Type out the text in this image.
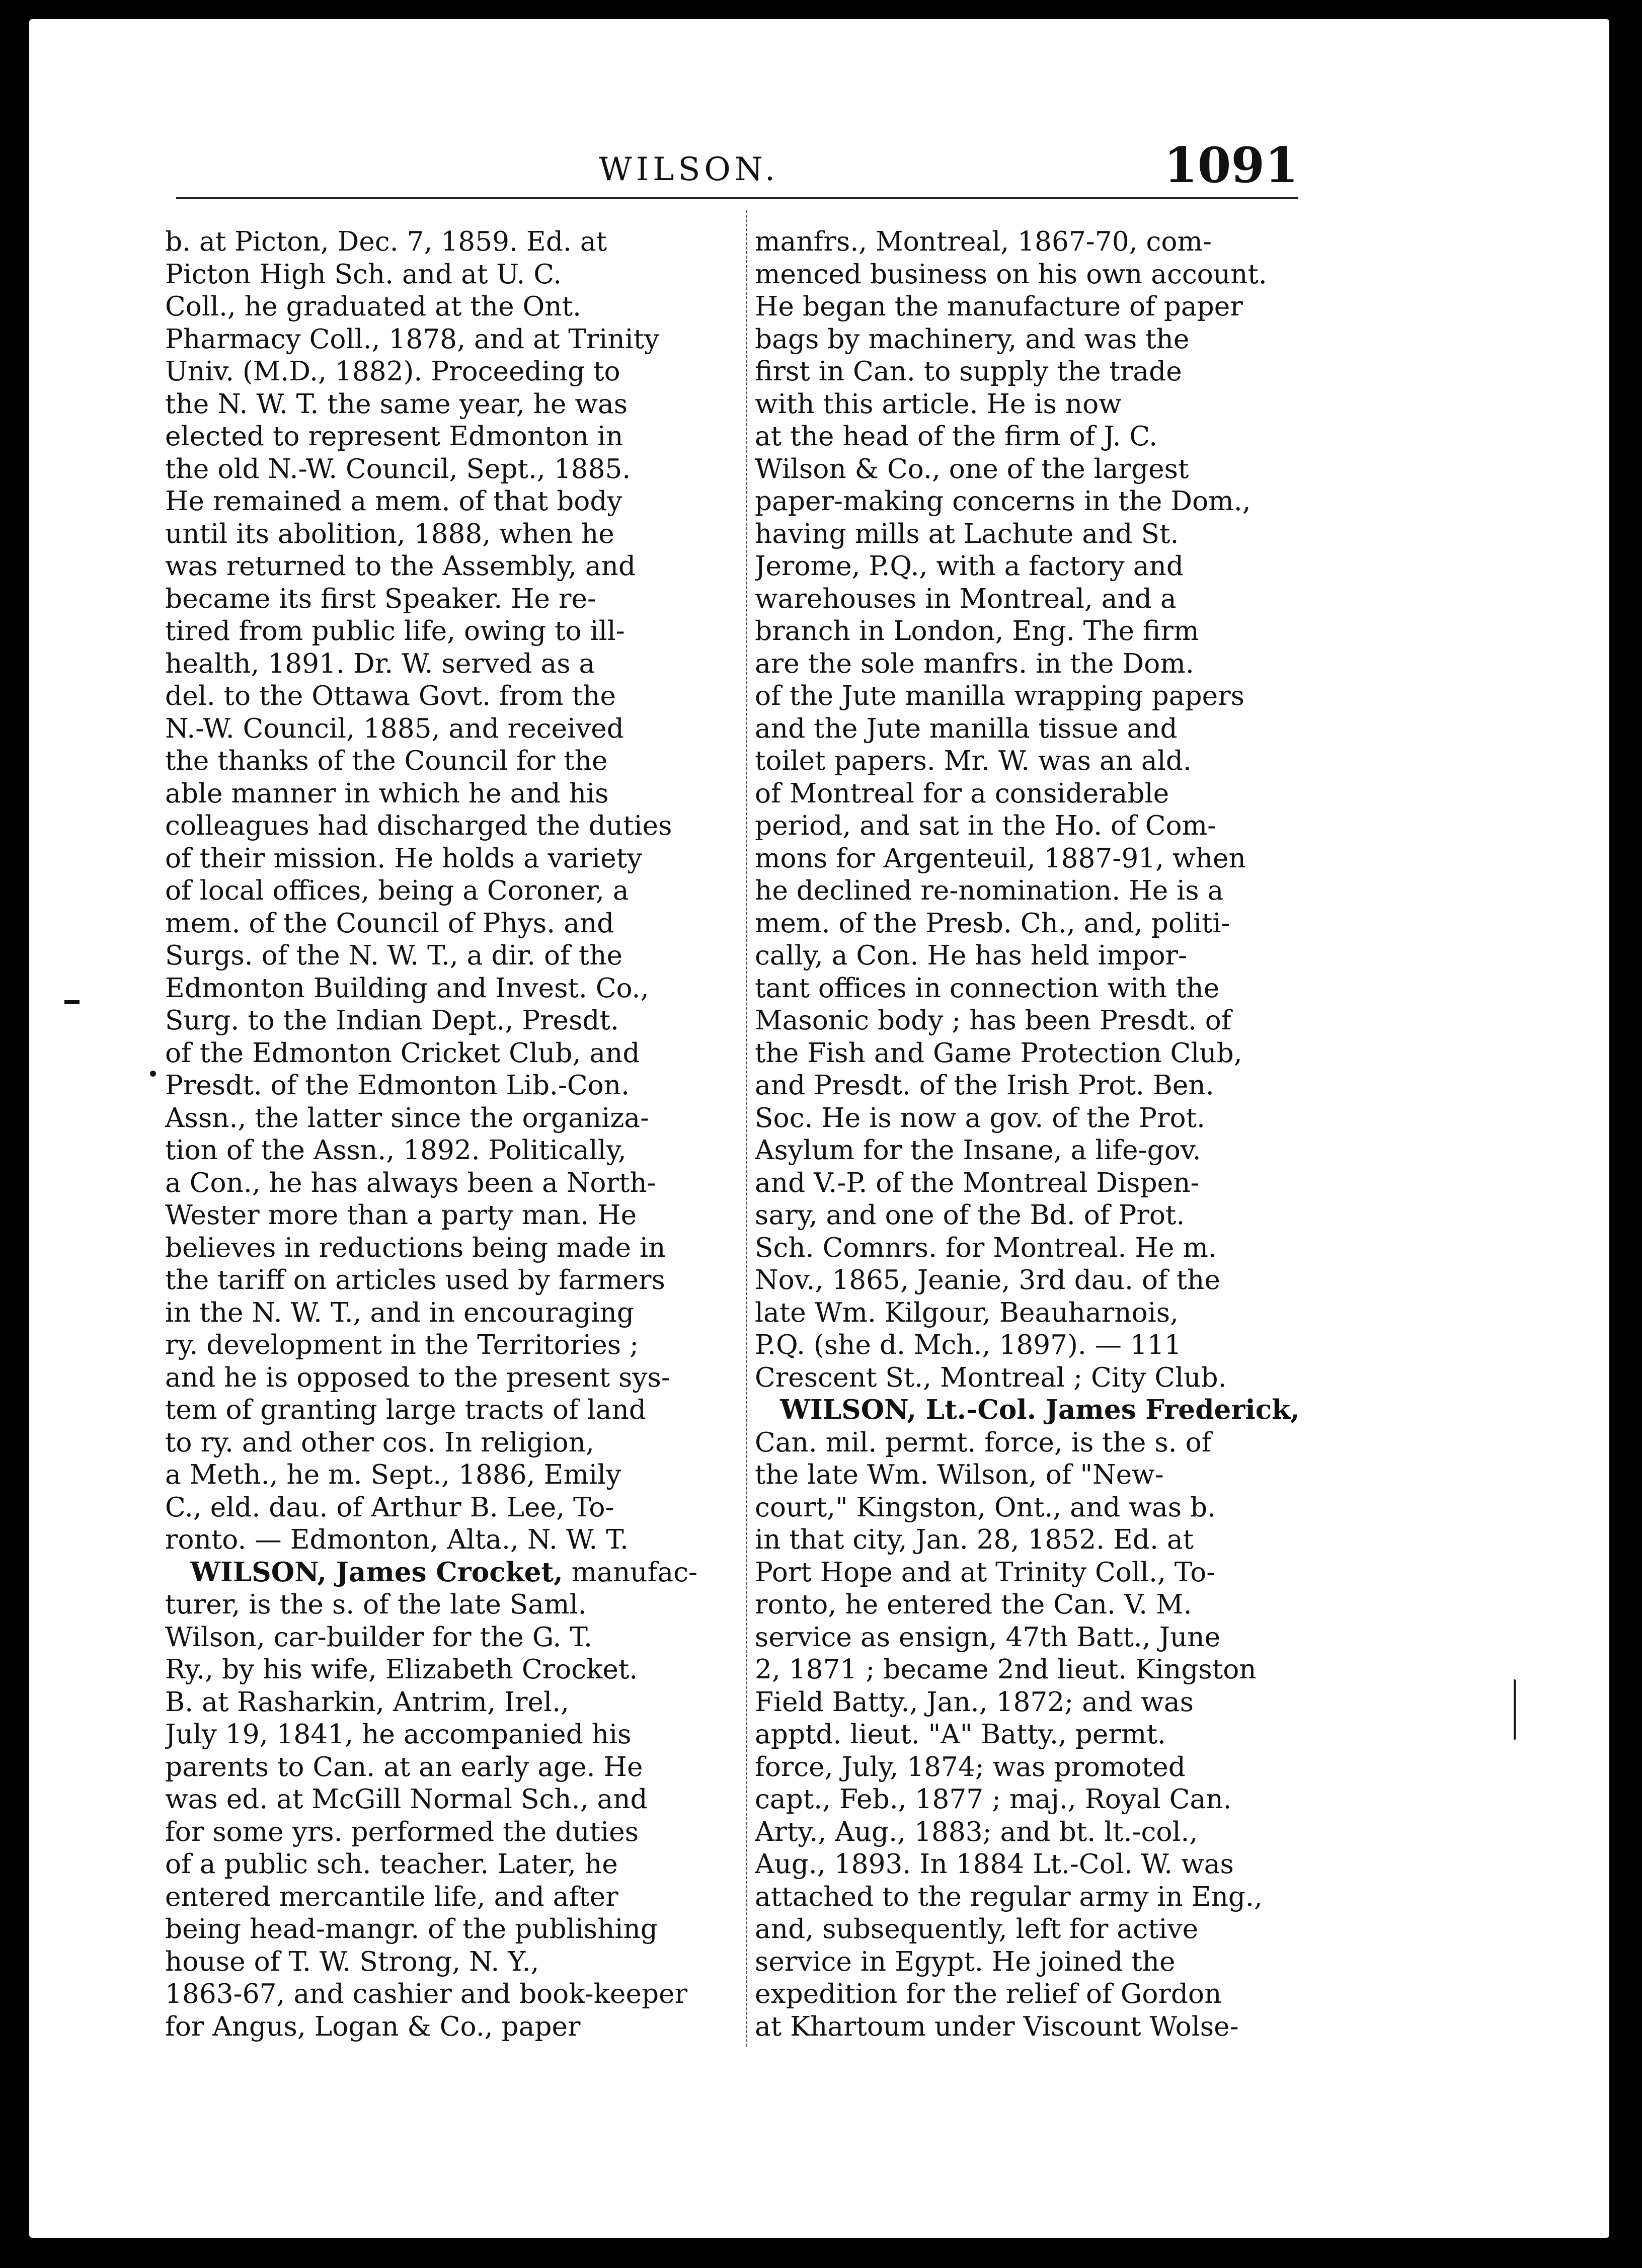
WILSON.	1091
b. at Picton, Dec. 7, 1859. Ed. at
Picton High Sch. and at U. C.
Coll., he graduated at the Ont.
Pharmacy Coll., 1878, and at Trinity
Univ. (M.D., 1882). Proceeding to
the N. W. T. the same year, he was
elected to represent Edmonton in
the old N.-W. Council, Sept., 1885.
He remained a mem. of that body
until its abolition, 1888, when he
was returned to the Assembly, and
became its first Speaker. He re-
tired from public life, owing to ill-
health, 1891. Dr. W. served as a
del. to the Ottawa Govt. from the
N.-W. Council, 1885, and received
the thanks of the Council for the
able manner in which he and his
colleagues had discharged the duties
of their mission. He holds a variety
of local offices, being a Coroner, a
mem. of the Council of Phys. and
Surgs. of the N. W. T., a dir. of the
Edmonton Building and Invest. Co.,
Surg. to the Indian Dept., Presdt.
of the Edmonton Cricket Club, and
Presdt. of the Edmonton Lib.-Con.
Assn., the latter since the organiza-
tion of the Assn., 1892. Politically,
a Con., he has always been a North-
Wester more than a party man. He
believes in reductions being made in
the tariff on articles used by farmers
in the N. W. T., and in encouraging
ry. development in the Territories ;
and he is opposed to the present sys-
tem of granting large tracts of land
to ry. and other cos. In religion,
a Meth., he m. Sept., 1886, Emily
C., eld. dau. of Arthur B. Lee, To-
ronto. — Edmonton, Alta., N. W. T.
WILSON, James Crocket, manufac-
turer, is the s. of the late Saml.
Wilson, car-builder for the G. T.
Ry., by his wife, Elizabeth Crocket.
B. at Rasharkin, Antrim, Irel.,
July 19, 1841, he accompanied his
parents to Can. at an early age. He
was ed. at McGill Normal Sch., and
for some yrs. performed the duties
of a public sch. teacher. Later, he
entered mercantile life, and after
being head-mangr. of the publishing
house of T. W. Strong, N. Y.,
1863-67, and cashier and book-keeper
for Angus, Logan & Co., paper
manfrs., Montreal, 1867-70, com-
menced business on his own account.
He began the manufacture of paper
bags by machinery, and was the
first in Can. to supply the trade
with this article. He is now
at the head of the firm of J. C.
Wilson & Co., one of the largest
paper-making concerns in the Dom.,
having mills at Lachute and St.
Jerome, P.Q., with a factory and
warehouses in Montreal, and a
branch in London, Eng. The firm
are the sole manfrs. in the Dom.
of the Jute manilla wrapping papers
and the Jute manilla tissue and
toilet papers. Mr. W. was an ald.
of Montreal for a considerable
period, and sat in the Ho. of Com-
mons for Argenteuil, 1887-91, when
he declined re-nomination. He is a
mem. of the Presb. Ch., and, politi-
cally, a Con. He has held impor-
tant offices in connection with the
Masonic body ; has been Presdt. of
the Fish and Game Protection Club,
and Presdt. of the Irish Prot. Ben.
Soc. He is now a gov. of the Prot.
Asylum for the Insane, a life-gov.
and V.-P. of the Montreal Dispen-
sary, and one of the Bd. of Prot.
Sch. Comnrs. for Montreal. He m.
Nov., 1865, Jeanie, 3rd dau. of the
late Wm. Kilgour, Beauharnois,
P.Q. (she d. Mch., 1897). — 111
Crescent St., Montreal ; City Club.
WILSON, Lt.-Col. James Frederick,
Can. mil. permt. force, is the s. of
the late Wm. Wilson, of "New-
court," Kingston, Ont., and was b.
in that city, Jan. 28, 1852. Ed. at
Port Hope and at Trinity Coll., To-
ronto, he entered the Can. V. M.
service as ensign, 47th Batt., June
2, 1871 ; became 2nd lieut. Kingston
Field Batty., Jan., 1872; and was
apptd. lieut. "A" Batty., permt.
force, July, 1874; was promoted
capt., Feb., 1877 ; maj., Royal Can.
Arty., Aug., 1883; and bt. lt.-col.,
Aug., 1893. In 1884 Lt.-Col. W. was
attached to the regular army in Eng.,
and, subsequently, left for active
service in Egypt. He joined the
expedition for the relief of Gordon
at Khartoum under Viscount Wolse-
